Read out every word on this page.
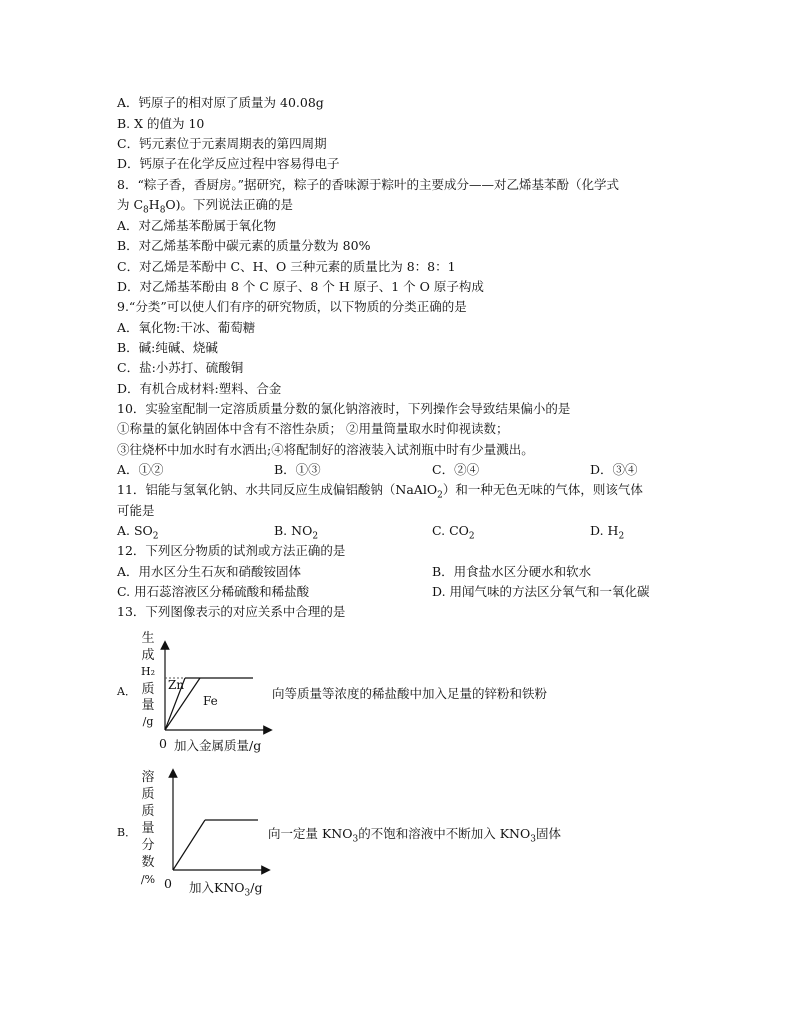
A．钙原子的相对原了质量为 40.08g
B. X 的值为 10
C．钙元素位于元素周期表的第四周期
D．钙原子在化学反应过程中容易得电子
8．“粽子香，香厨房。”据研究，粽子的香味源于粽叶的主要成分——对乙烯基苯酚（化学式
为 $C_8H_8O$)。下列说法正确的是
A．对乙烯基苯酚属于氧化物
B．对乙烯基苯酚中碳元素的质量分数为 80%
C．对乙烯是苯酚中 C、H、O 三种元素的质量比为 8：8：1
D．对乙烯基苯酚由 8 个 C 原子、8 个 H 原子、1 个 O 原子构成
9.“分类”可以使人们有序的研究物质，以下物质的分类正确的是
A．氧化物:干冰、葡萄糖
B．碱:纯碱、烧碱
C．盐:小苏打、硫酸铜
D．有机合成材料:塑料、合金
10．实验室配制一定溶质质量分数的氯化钠溶液时，下列操作会导致结果偏小的是
①称量的氯化钠固体中含有不溶性杂质； ②用量筒量取水时仰视读数；
③往烧杯中加水时有水洒出;④将配制好的溶液装入试剂瓶中时有少量溅出。
A．①②	B．①③	C．②④	D．③④
11．铝能与氢氧化钠、水共同反应生成偏铝酸钠（NaAlO$_2$）和一种无色无味的气体，则该气体
可能是
A. $SO_2$	B. $NO_2$	C. $CO_2$	D. $H_2$
12．下列区分物质的试剂或方法正确的是
A．用水区分生石灰和硝酸铵固体	B．用食盐水区分硬水和软水
C. 用石蕊溶液区分稀硫酸和稀盐酸	D. 用闻气味的方法区分氧气和一氧化碳
13．下列图像表示的对应关系中合理的是
A．
生
成
H₂
质
量
/g
Zn
Fe
0 加入金属质量/g
向等质量等浓度的稀盐酸中加入足量的锌粉和铁粉
B．
溶
质
质
量
分
数
/% 0 加入$KNO_3/g$
向一定量 $KNO_3$的不饱和溶液中不断加入 $KNO_3$固体
